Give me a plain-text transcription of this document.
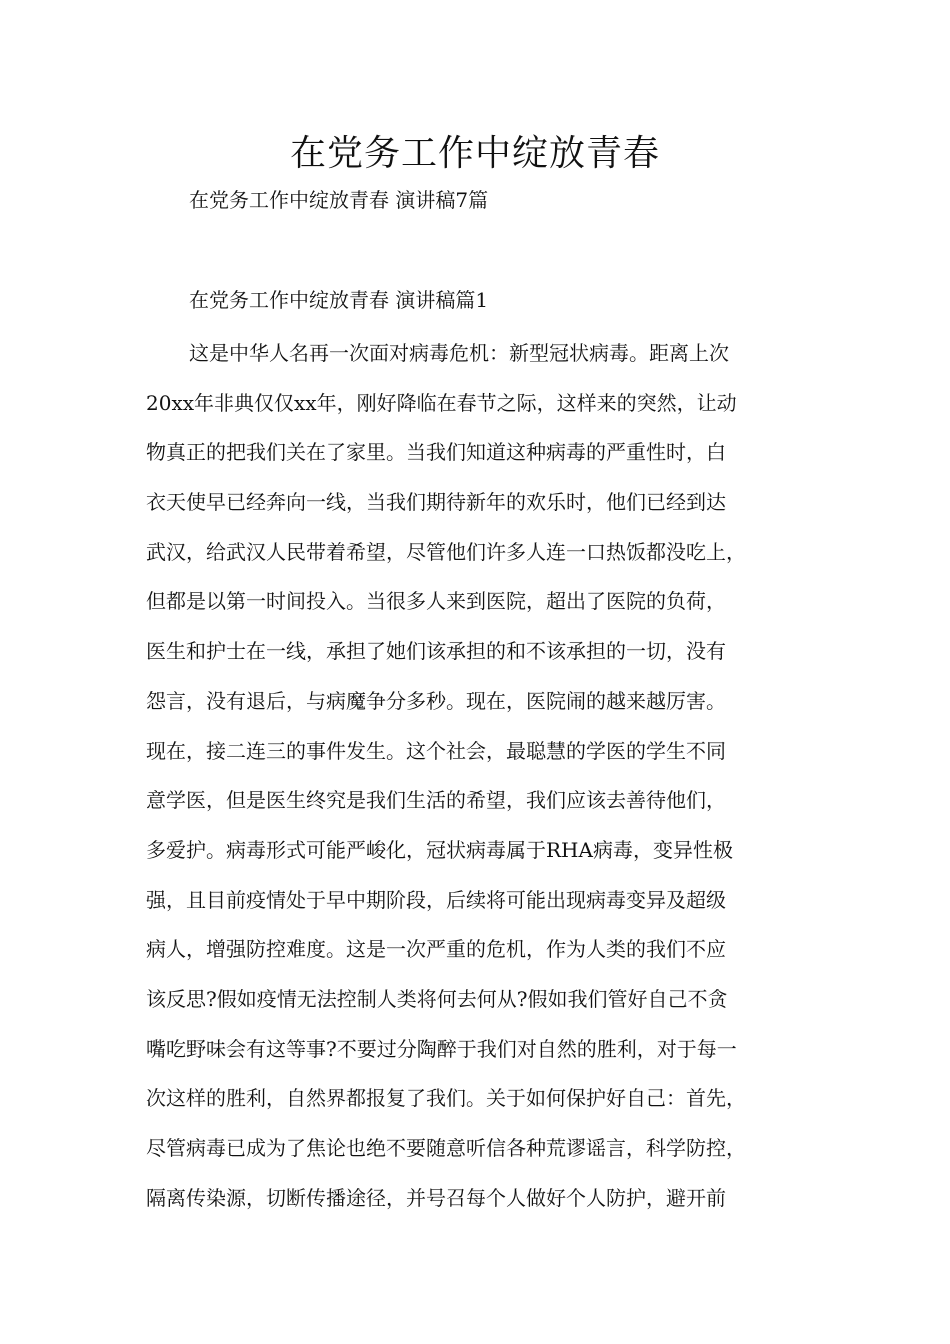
在党务工作中绽放青春

在党务工作中绽放青春 演讲稿7篇

在党务工作中绽放青春 演讲稿篇1

这是中华人名再一次面对病毒危机：新型冠状病毒。距离上次
20xx年非典仅仅xx年，刚好降临在春节之际，这样来的突然，让动
物真正的把我们关在了家里。当我们知道这种病毒的严重性时，白
衣天使早已经奔向一线，当我们期待新年的欢乐时，他们已经到达
武汉，给武汉人民带着希望，尽管他们许多人连一口热饭都没吃上，
但都是以第一时间投入。当很多人来到医院，超出了医院的负荷，
医生和护士在一线，承担了她们该承担的和不该承担的一切，没有
怨言，没有退后，与病魔争分多秒。现在，医院闹的越来越厉害。
现在，接二连三的事件发生。这个社会，最聪慧的学医的学生不同
意学医，但是医生终究是我们生活的希望，我们应该去善待他们，
多爱护。病毒形式可能严峻化，冠状病毒属于RHA病毒，变异性极
强，且目前疫情处于早中期阶段，后续将可能出现病毒变异及超级
病人，增强防控难度。这是一次严重的危机，作为人类的我们不应
该反思?假如疫情无法控制人类将何去何从?假如我们管好自己不贪
嘴吃野味会有这等事?不要过分陶醉于我们对自然的胜利，对于每一
次这样的胜利，自然界都报复了我们。关于如何保护好自己：首先，
尽管病毒已成为了焦论也绝不要随意听信各种荒谬谣言，科学防控，
隔离传染源，切断传播途径，并号召每个人做好个人防护，避开前
